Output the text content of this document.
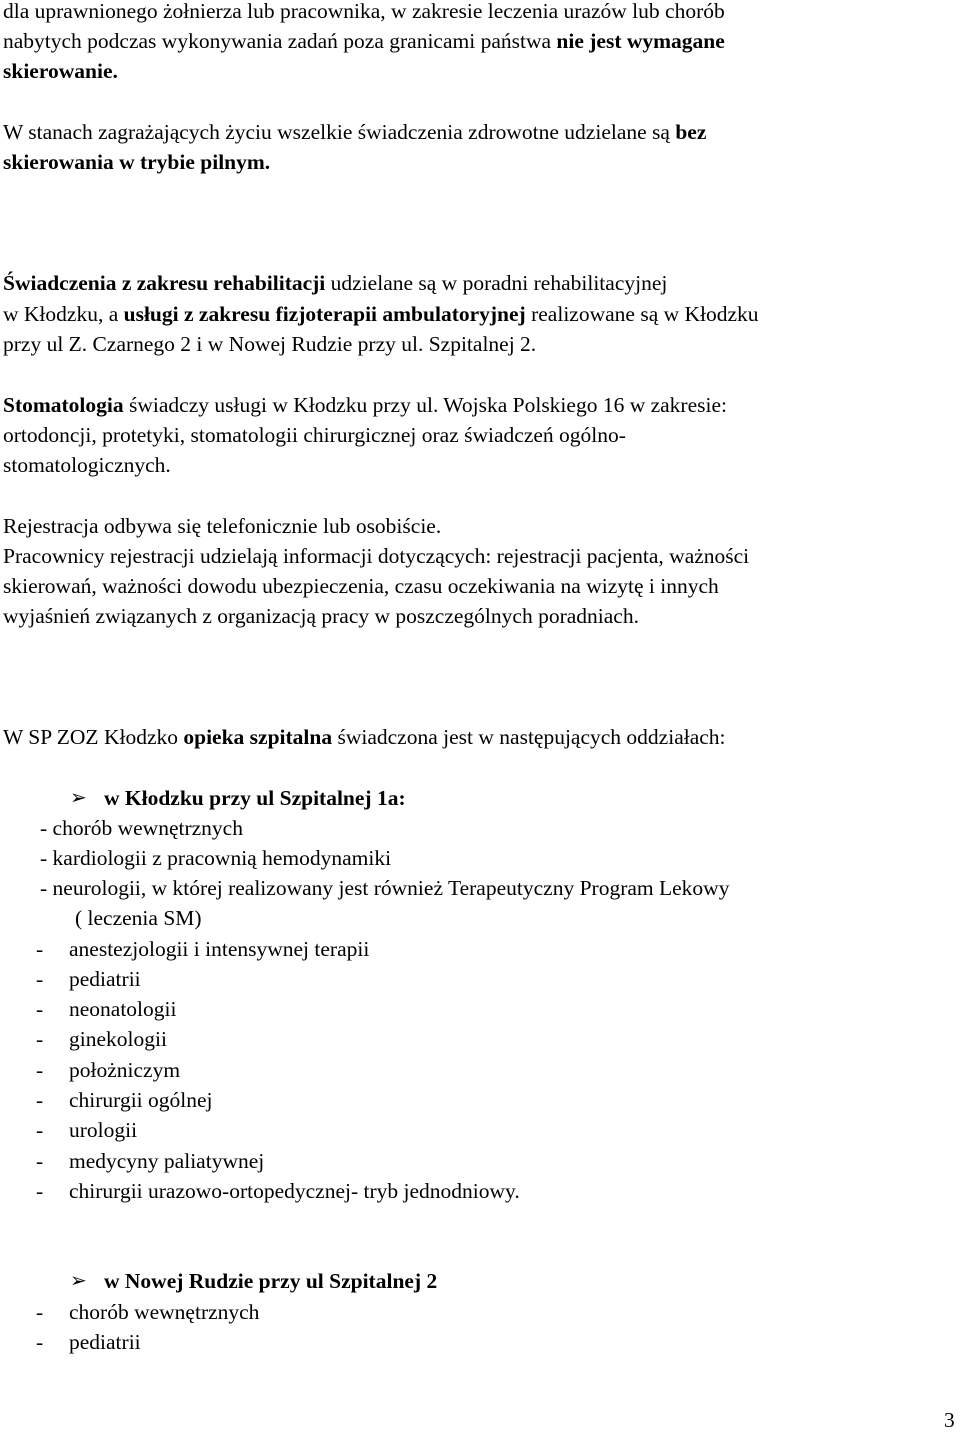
dla uprawnionego żołnierza lub pracownika, w zakresie leczenia urazów lub chorób
nabytych podczas wykonywania zadań poza granicami państwa nie jest wymagane
skierowanie.
W stanach zagrażających życiu wszelkie świadczenia zdrowotne udzielane są bez
skierowania w trybie pilnym.
Świadczenia z zakresu rehabilitacji udzielane są w poradni rehabilitacyjnej
w Kłodzku, a usługi z zakresu fizjoterapii ambulatoryjnej realizowane są w Kłodzku
przy ul Z. Czarnego 2 i w Nowej Rudzie przy ul. Szpitalnej 2.
Stomatologia świadczy usługi w Kłodzku przy ul. Wojska Polskiego 16 w zakresie:
ortodoncji, protetyki, stomatologii chirurgicznej oraz świadczeń ogólno-
stomatologicznych.
Rejestracja odbywa się telefonicznie lub osobiście.
Pracownicy rejestracji udzielają informacji dotyczących: rejestracji pacjenta, ważności
skierowań, ważności dowodu ubezpieczenia, czasu oczekiwania na wizytę i innych
wyjaśnień związanych z organizacją pracy w poszczególnych poradniach.
W SP ZOZ Kłodzko opieka szpitalna świadczona jest w następujących oddziałach:
➢ w Kłodzku przy ul Szpitalnej 1a:
- chorób wewnętrznych
- kardiologii z pracownią hemodynamiki
- neurologii, w której realizowany jest również Terapeutyczny Program Lekowy
( leczenia SM)
- anestezjologii i intensywnej terapii
- pediatrii
- neonatologii
- ginekologii
- położniczym
- chirurgii ogólnej
- urologii
- medycyny paliatywnej
- chirurgii urazowo-ortopedycznej- tryb jednodniowy.
➢ w Nowej Rudzie przy ul Szpitalnej 2
- chorób wewnętrznych
- pediatrii
3
